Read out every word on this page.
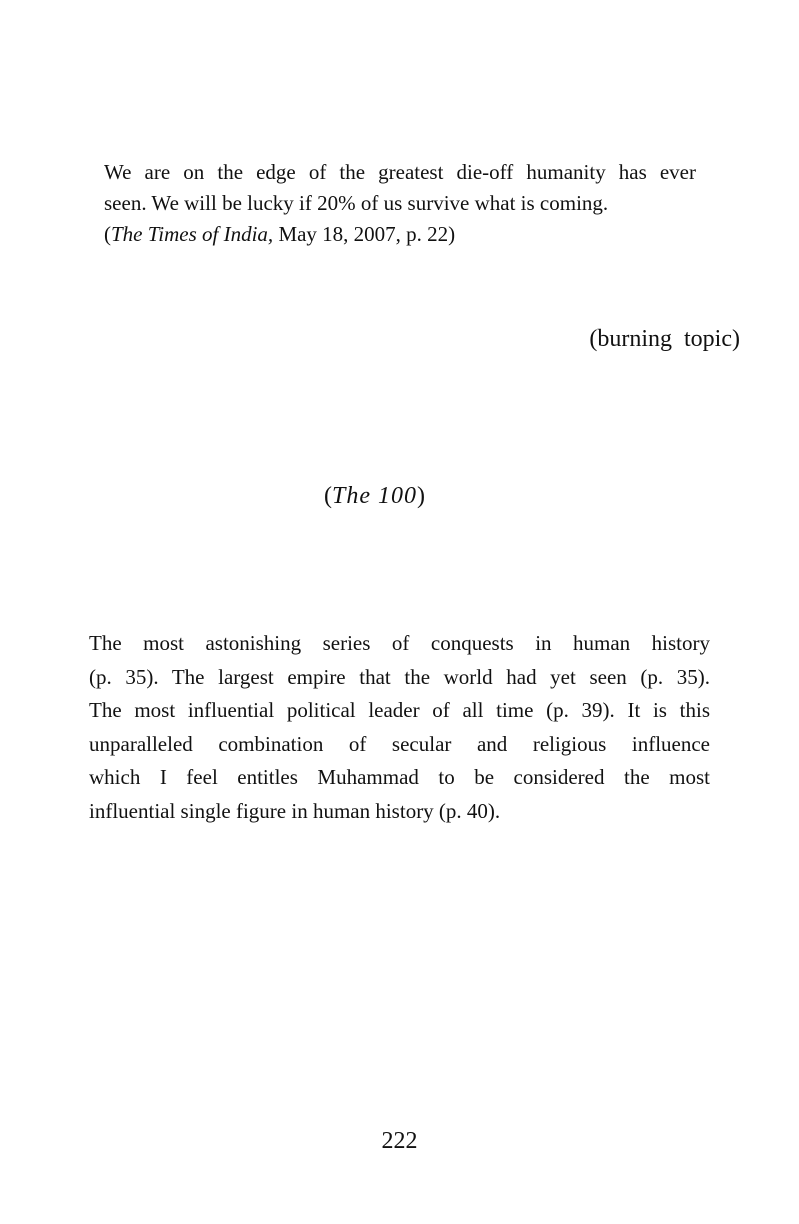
We are on the edge of the greatest die-off humanity has ever
seen. We will be lucky if 20% of us survive what is coming.
(The Times of India, May 18, 2007, p. 22)
(burning topic)
(The 100)
The most astonishing series of conquests in human history
(p. 35). The largest empire that the world had yet seen (p. 35).
The most influential political leader of all time (p. 39). It is this
unparalleled combination of secular and religious influence
which I feel entitles Muhammad to be considered the most
influential single figure in human history (p. 40).
222
